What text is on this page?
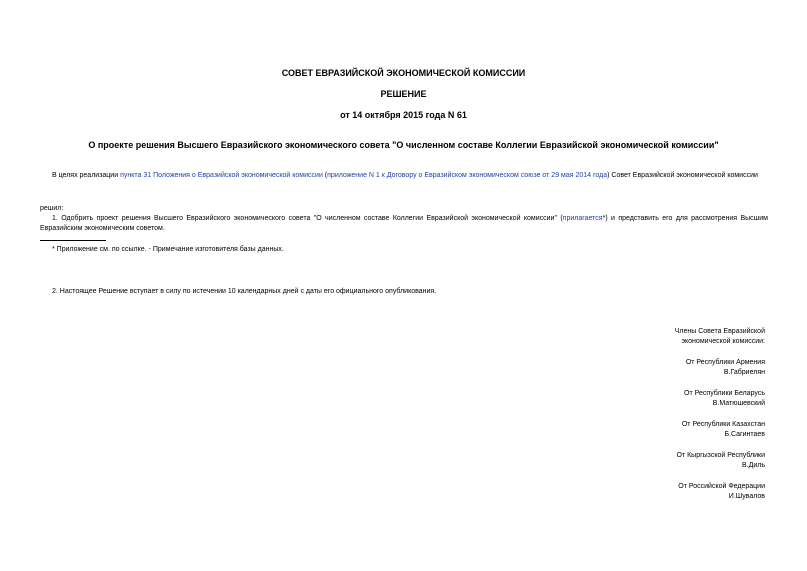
СОВЕТ ЕВРАЗИЙСКОЙ ЭКОНОМИЧЕСКОЙ КОМИССИИ
РЕШЕНИЕ
от 14 октября 2015 года N 61
О проекте решения Высшего Евразийского экономического совета "О численном составе Коллегии Евразийской экономической комиссии"
В целях реализации пункта 31 Положения о Евразийской экономической комиссии (приложение N 1 к Договору о Евразийском экономическом союзе от 29 мая 2014 года) Совет Евразийской экономической комиссии
решил:
1. Одобрить проект решения Высшего Евразийского экономического совета "О численном составе Коллегии Евразийской экономической комиссии" (прилагается*) и представить его для рассмотрения Высшим Евразийским экономическим советом.
* Приложение см. по ссылке. - Примечание изготовителя базы данных.
2. Настоящее Решение вступает в силу по истечении 10 календарных дней с даты его официального опубликования.
Члены Совета Евразийской
экономической комиссии:
От Республики Армения
В.Габриелян
От Республики Беларусь
В.Матюшевский
От Республики Казахстан
Б.Сагинтаев
От Кыргызской Республики
В.Диль
От Российской Федерации
И.Шувалов
